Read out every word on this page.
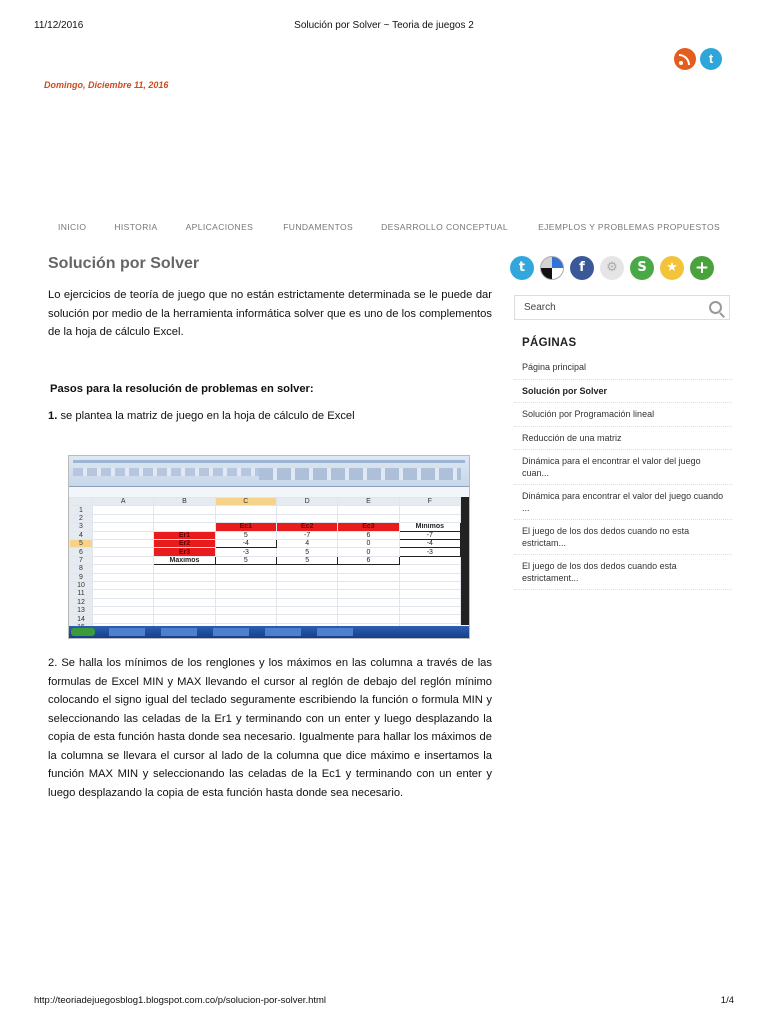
11/12/2016	Solución por Solver ~ Teoria de juegos 2
t
Domingo, Diciembre 11, 2016
INICIO	HISTORIA	APLICACIONES	FUNDAMENTOS	DESARROLLO CONCEPTUAL	EJEMPLOS Y PROBLEMAS PROPUESTOS
Solución por Solver
Lo ejercicios de teoría de juego que no están estrictamente determinada se le puede dar solución por medio de la herramienta informática solver que es uno de los complementos de la hoja de cálculo Excel.
Pasos para la resolución de problemas en solver:
1. se plantea la matriz de juego en la hoja de cálculo de Excel
	A	B	C	D	E	F
1						
2						
3			Ec1	Ec2	Ec3	Minimos
4		Er1	5	-7	6	-7
5		Er2	-4	4	0	-4
6		Er3	-3	5	0	-3
7		Maximos	5	5	6	
8						
9						
10						
11						
12						
13						
14						

2. Se halla los mínimos de los renglones y los máximos en las columna a través de las formulas de Excel MIN y MAX llevando el cursor al reglón de debajo del reglón mínimo colocando el signo igual del teclado seguramente escribiendo la función o formula MIN y seleccionando las celadas de la Er1 y terminando con un enter y luego desplazando la copia de esta función hasta donde sea necesario. Igualmente para hallar los máximos de la columna se llevara el cursor al lado de la columna que dice máximo e insertamos la función MAX MIN y seleccionando las celadas de la Ec1 y terminando con un enter y luego desplazando la copia de esta función hasta donde sea necesario.
t	f	⚙	S	★	+
Search
PÁGINAS
Página principal
Solución por Solver
Solución por Programación lineal
Reducción de una matriz
Dinámica para el encontrar el valor del juego cuan...
Dinámica para encontrar el valor del juego cuando ...
El juego de los dos dedos cuando no esta estrictam...
El juego de los dos dedos cuando esta estrictament...
http://teoriadejuegosblog1.blogspot.com.co/p/solucion-por-solver.html	1/4
